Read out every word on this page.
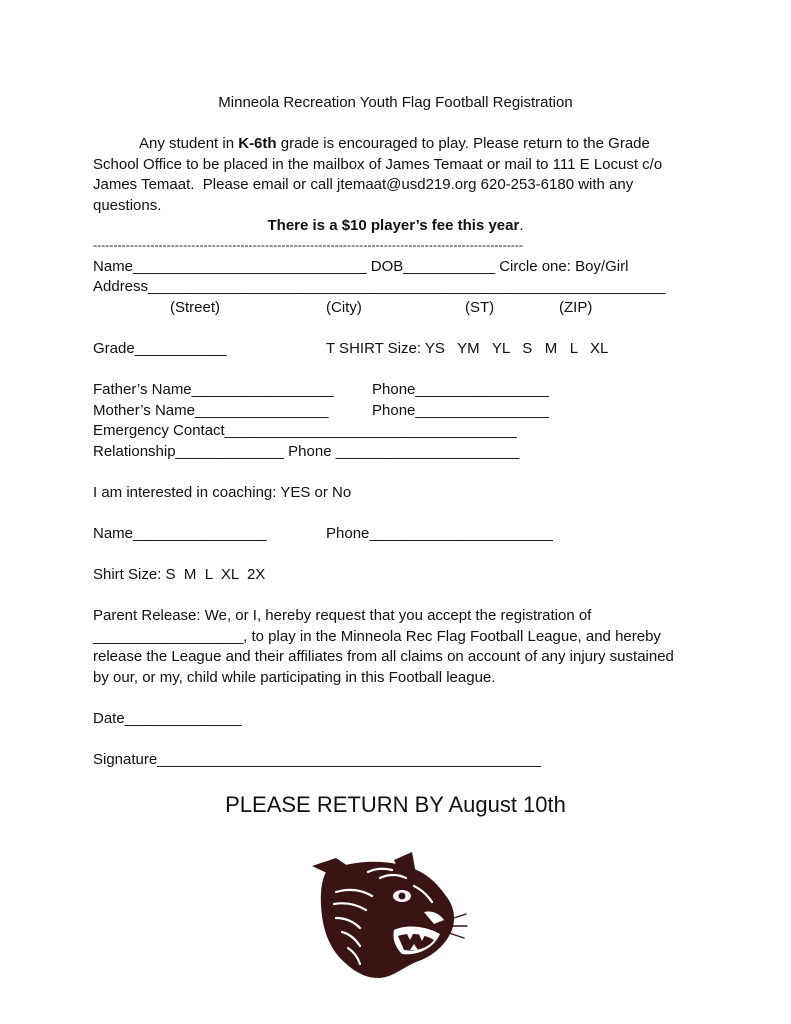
Minneola Recreation Youth Flag Football Registration
Any student in K-6th grade is encouraged to play. Please return to the Grade
School Office to be placed in the mailbox of James Temaat or mail to 111 E Locust c/o
James Temaat.  Please email or call jtemaat@usd219.org 620-253-6180 with any
questions.
There is a $10 player’s fee this year.
---------------------------------------------------------------------------------------------------------
Name____________________________ DOB___________ Circle one: Boy/Girl
Address______________________________________________________________
(Street)	(City)	(ST)	(ZIP)
Grade___________	T SHIRT Size: YS   YM   YL   S   M   L   XL
Father’s Name_________________	Phone________________
Mother’s Name________________	Phone________________
Emergency Contact___________________________________
Relationship_____________ Phone ______________________
I am interested in coaching: YES or No
Name________________	Phone______________________
Shirt Size: S  M  L  XL  2X
Parent Release: We, or I, hereby request that you accept the registration of
__________________, to play in the Minneola Rec Flag Football League, and hereby
release the League and their affiliates from all claims on account of any injury sustained
by our, or my, child while participating in this Football league.
Date______________
Signature______________________________________________
PLEASE RETURN BY August 10th
